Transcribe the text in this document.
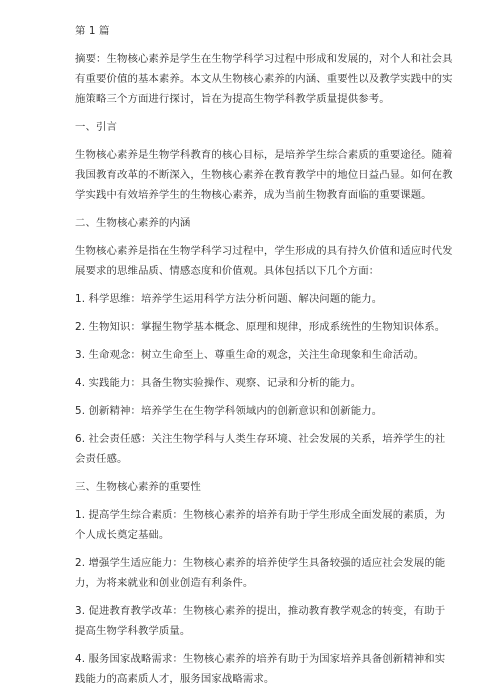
第 1 篇

摘要：生物核心素养是学生在生物学科学习过程中形成和发展的，对个人和社会具

有重要价值的基本素养。本文从生物核心素养的内涵、重要性以及教学实践中的实

施策略三个方面进行探讨，旨在为提高生物学科教学质量提供参考。

一、引言

生物核心素养是生物学科教育的核心目标，是培养学生综合素质的重要途径。随着

我国教育改革的不断深入，生物核心素养在教育教学中的地位日益凸显。如何在教

学实践中有效培养学生的生物核心素养，成为当前生物教育面临的重要课题。

二、生物核心素养的内涵

生物核心素养是指在生物学科学习过程中，学生形成的具有持久价值和适应时代发

展要求的思维品质、情感态度和价值观。具体包括以下几个方面：

1. 科学思维：培养学生运用科学方法分析问题、解决问题的能力。

2. 生物知识：掌握生物学基本概念、原理和规律，形成系统性的生物知识体系。

3. 生命观念：树立生命至上、尊重生命的观念，关注生命现象和生命活动。

4. 实践能力：具备生物实验操作、观察、记录和分析的能力。

5. 创新精神：培养学生在生物学科领域内的创新意识和创新能力。

6. 社会责任感：关注生物学科与人类生存环境、社会发展的关系，培养学生的社

会责任感。

三、生物核心素养的重要性

1. 提高学生综合素质：生物核心素养的培养有助于学生形成全面发展的素质，为

个人成长奠定基础。

2. 增强学生适应能力：生物核心素养的培养使学生具备较强的适应社会发展的能

力，为将来就业和创业创造有利条件。

3. 促进教育教学改革：生物核心素养的提出，推动教育教学观念的转变，有助于

提高生物学科教学质量。

4. 服务国家战略需求：生物核心素养的培养有助于为国家培养具备创新精神和实

践能力的高素质人才，服务国家战略需求。
